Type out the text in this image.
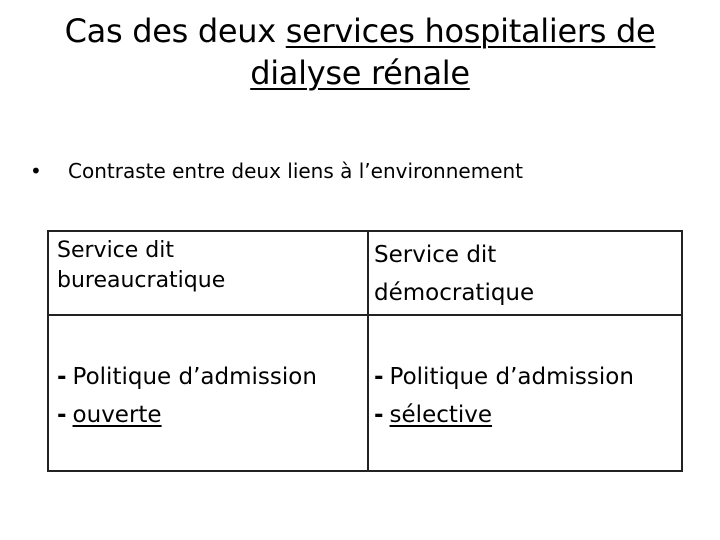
Cas des deux services hospitaliers de
dialyse rénale
• Contraste entre deux liens à l’environnement
Service dit
bureaucratique
Service dit
démocratique
- Politique d’admission
- ouverte
- Politique d’admission
- sélective
